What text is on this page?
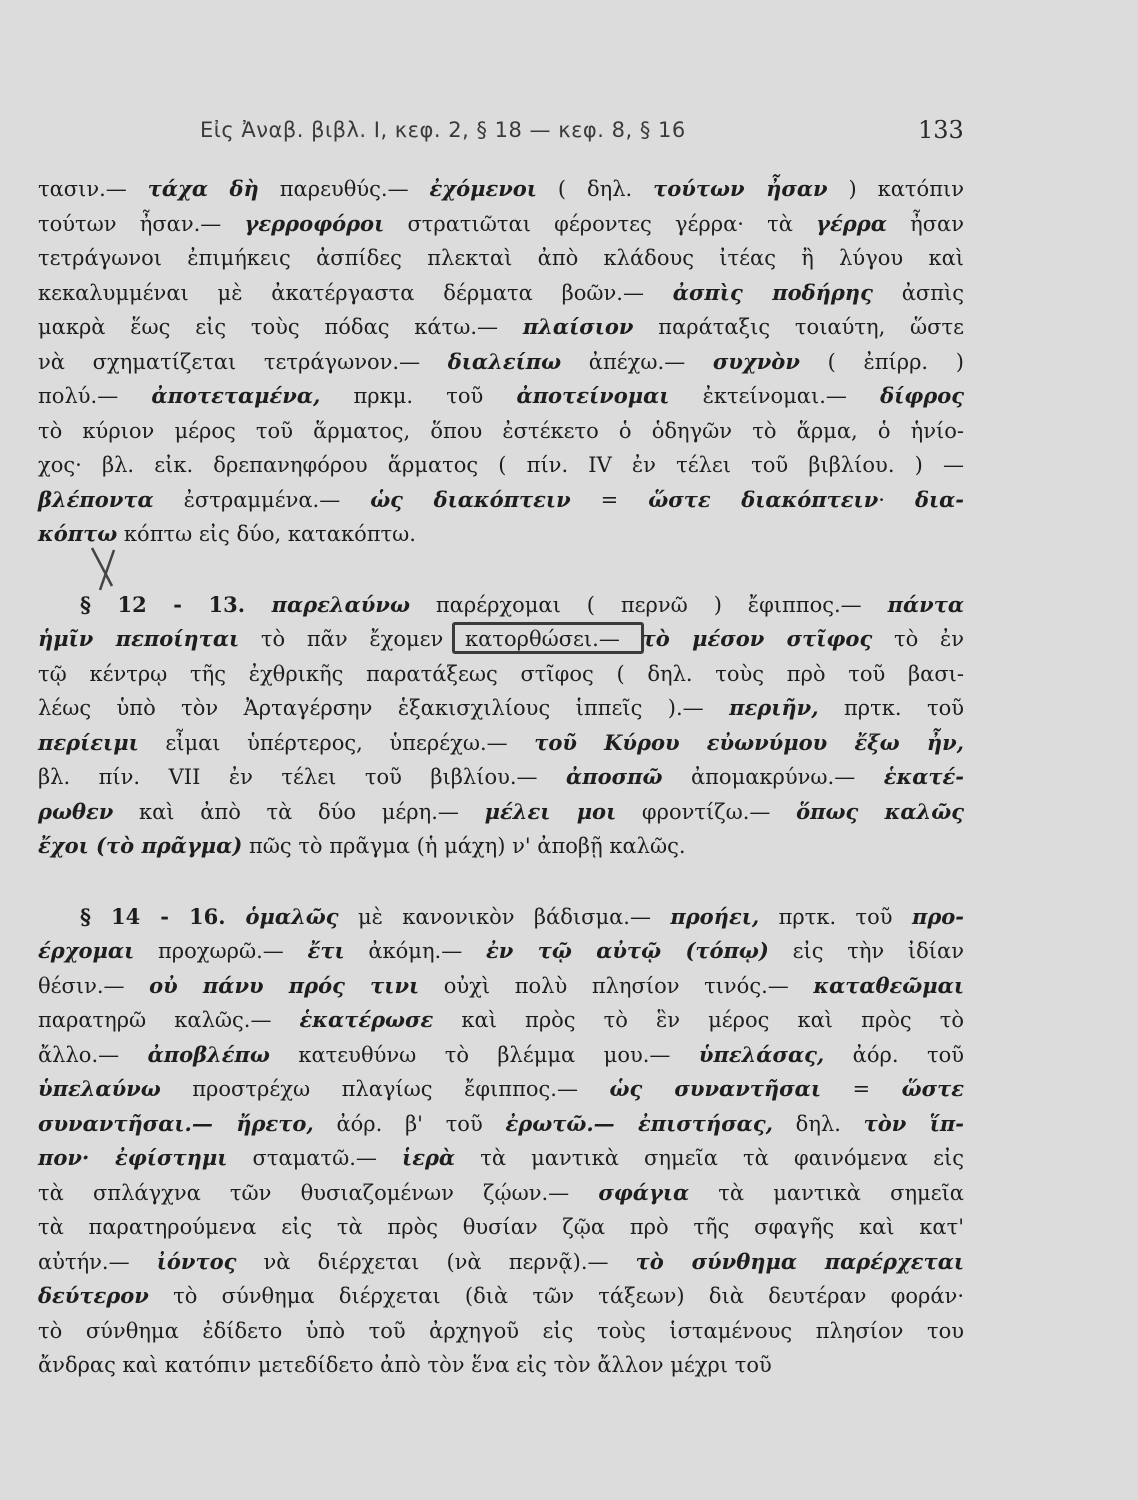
Εἰς Ἀναβ. βιβλ. Ι, κεφ. 2, § 18 — κεφ. 8, § 16	133
τασιν.— τάχα δὴ παρευθύς.— ἐχόμενοι ( δηλ. τούτων ἦσαν ) κατόπιν
τούτων ἦσαν.— γερροφόροι στρατιῶται φέροντες γέρρα· τὰ γέρρα ἦσαν
τετράγωνοι ἐπιμήκεις ἀσπίδες πλεκταὶ ἀπὸ κλάδους ἰτέας ἢ λύγου καὶ
κεκαλυμμέναι μὲ ἀκατέργαστα δέρματα βοῶν.— ἀσπὶς ποδήρης ἀσπὶς
μακρὰ ἕως εἰς τοὺς πόδας κάτω.— πλαίσιον παράταξις τοιαύτη, ὥστε
νὰ σχηματίζεται τετράγωνον.— διαλείπω ἀπέχω.— συχνὸν ( ἐπίρρ. )
πολύ.— ἀποτεταμένα, πρκμ. τοῦ ἀποτείνομαι ἐκτείνομαι.— δίφρος
τὸ κύριον μέρος τοῦ ἅρματος, ὅπου ἐστέκετο ὁ ὁδηγῶν τὸ ἅρμα, ὁ ἡνίο-
χος· βλ. εἰκ. δρεπανηφόρου ἅρματος ( πίν. IV ἐν τέλει τοῦ βιβλίου. ) —
βλέποντα ἐστραμμένα.— ὡς διακόπτειν = ὥστε διακόπτειν· δια-
κόπτω κόπτω εἰς δύο, κατακόπτω.
§ 12 - 13. παρελαύνω παρέρχομαι ( περνῶ ) ἔφιππος.— πάντα
ἡμῖν πεποίηται τὸ πᾶν ἔχομεν κατορθώσει.— τὸ μέσον στῖφος τὸ ἐν
τῷ κέντρῳ τῆς ἐχθρικῆς παρατάξεως στῖφος ( δηλ. τοὺς πρὸ τοῦ βασι-
λέως ὑπὸ τὸν Ἀρταγέρσην ἑξακισχιλίους ἱππεῖς ).— περιῆν, πρτκ. τοῦ
περίειμι εἶμαι ὑπέρτερος, ὑπερέχω.— τοῦ Κύρου εὐωνύμου ἔξω ἦν,
βλ. πίν. VII ἐν τέλει τοῦ βιβλίου.— ἀποσπῶ ἀπομακρύνω.— ἑκατέ-
ρωθεν καὶ ἀπὸ τὰ δύο μέρη.— μέλει μοι φροντίζω.— ὅπως καλῶς
ἔχοι (τὸ πρᾶγμα) πῶς τὸ πρᾶγμα (ἡ μάχη) ν' ἀποβῇ καλῶς.
§ 14 - 16. ὁμαλῶς μὲ κανονικὸν βάδισμα.— προήει, πρτκ. τοῦ προ-
έρχομαι προχωρῶ.— ἔτι ἀκόμη.— ἐν τῷ αὐτῷ (τόπῳ) εἰς τὴν ἰδίαν
θέσιν.— οὐ πάνυ πρός τινι οὐχὶ πολὺ πλησίον τινός.— καταθεῶμαι
παρατηρῶ καλῶς.— ἑκατέρωσε καὶ πρὸς τὸ ἓν μέρος καὶ πρὸς τὸ
ἄλλο.— ἀποβλέπω κατευθύνω τὸ βλέμμα μου.— ὑπελάσας, ἀόρ. τοῦ
ὑπελαύνω προστρέχω πλαγίως ἔφιππος.— ὡς συναντῆσαι = ὥστε
συναντῆσαι.— ἤρετο, ἀόρ. β' τοῦ ἐρωτῶ.— ἐπιστήσας, δηλ. τὸν ἵπ-
πον· ἐφίστημι σταματῶ.— ἱερὰ τὰ μαντικὰ σημεῖα τὰ φαινόμενα εἰς
τὰ σπλάγχνα τῶν θυσιαζομένων ζῴων.— σφάγια τὰ μαντικὰ σημεῖα
τὰ παρατηρούμενα εἰς τὰ πρὸς θυσίαν ζῷα πρὸ τῆς σφαγῆς καὶ κατ'
αὐτήν.— ἰόντος νὰ διέρχεται (νὰ περνᾷ).— τὸ σύνθημα παρέρχεται
δεύτερον τὸ σύνθημα διέρχεται (διὰ τῶν τάξεων) διὰ δευτέραν φοράν·
τὸ σύνθημα ἐδίδετο ὑπὸ τοῦ ἀρχηγοῦ εἰς τοὺς ἱσταμένους πλησίον του
ἄνδρας καὶ κατόπιν μετεδίδετο ἀπὸ τὸν ἕνα εἰς τὸν ἄλλον μέχρι τοῦ
